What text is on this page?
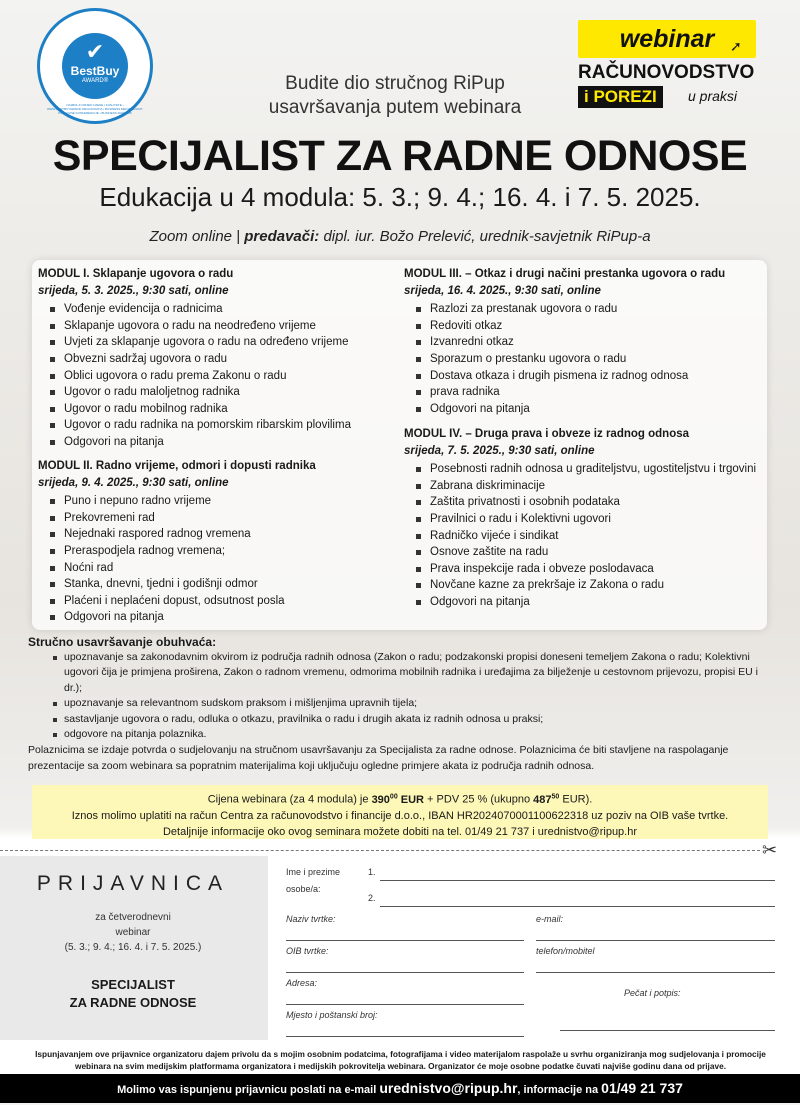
✔
BestBuy
AWARD®
NAJBOLJI OMJER CIJENE I KVALITETE • WWW.BESTBUYAWARD.ORG/CROATIA • BUSINESS MEDIA GROUP: POSLOVNE KONFERENCIJE • BUSINESS 2024/2025
Budite dio stručnog RiPup
usavršavanja putem webinara
webinar
RAČUNOVODSTVO
i POREZI	u praksi
➚
SPECIJALIST ZA RADNE ODNOSE
Edukacija u 4 modula: 5. 3.; 9. 4.; 16. 4. i 7. 5. 2025.
Zoom online | predavači: dipl. iur. Božo Prelević, urednik-savjetnik RiPup-a
MODUL I. Sklapanje ugovora o radu
srijeda, 5. 3. 2025., 9:30 sati, online
Vođenje evidencija o radnicima
Sklapanje ugovora o radu na neodređeno vrijeme
Uvjeti za sklapanje ugovora o radu na određeno vrijeme
Obvezni sadržaj ugovora o radu
Oblici ugovora o radu prema Zakonu o radu
Ugovor o radu maloljetnog radnika
Ugovor o radu mobilnog radnika
Ugovor o radu radnika na pomorskim ribarskim plovilima
Odgovori na pitanja
MODUL II. Radno vrijeme, odmori i dopusti radnika
srijeda, 9. 4. 2025., 9:30 sati, online
Puno i nepuno radno vrijeme
Prekovremeni rad
Nejednaki raspored radnog vremena
Preraspodjela radnog vremena;
Noćni rad
Stanka, dnevni, tjedni i godišnji odmor
Plaćeni i neplaćeni dopust, odsutnost posla
Odgovori na pitanja
MODUL III. – Otkaz i drugi načini prestanka ugovora o radu
srijeda, 16. 4. 2025., 9:30 sati, online
Razlozi za prestanak ugovora o radu
Redoviti otkaz
Izvanredni otkaz
Sporazum o prestanku ugovora o radu
Dostava otkaza i drugih pismena iz radnog odnosa
prava radnika
Odgovori na pitanja
MODUL IV. – Druga prava i obveze iz radnog odnosa
srijeda, 7. 5. 2025., 9:30 sati, online
Posebnosti radnih odnosa u graditeljstvu, ugostiteljstvu i trgovini
Zabrana diskriminacije
Zaštita privatnosti i osobnih podataka
Pravilnici o radu i Kolektivni ugovori
Radničko vijeće i sindikat
Osnove zaštite na radu
Prava inspekcije rada i obveze poslodavaca
Novčane kazne za prekršaje iz Zakona o radu
Odgovori na pitanja
Stručno usavršavanje obuhvaća:
upoznavanje sa zakonodavnim okvirom iz područja radnih odnosa (Zakon o radu; podzakonski propisi doneseni temeljem Zakona o radu; Kolektivni ugovori čija je primjena proširena, Zakon o radnom vremenu, odmorima mobilnih radnika i uređajima za bilježenje u cestovnom prijevozu, propisi EU i dr.);
upoznavanje sa relevantnom sudskom praksom i mišljenjima upravnih tijela;
sastavljanje ugovora o radu, odluka o otkazu, pravilnika o radu i drugih akata iz radnih odnosa u praksi;
odgovore na pitanja polaznika.
Polaznicima se izdaje potvrda o sudjelovanju na stručnom usavršavanju za Specijalista za radne odnose. Polaznicima će biti stavljene na raspolaganje prezentacije sa zoom webinara sa popratnim materijalima koji uključuju ogledne primjere akata iz područja radnih odnosa.
Cijena webinara (za 4 modula) je $390^{00}$ EUR + PDV 25 % (ukupno $487^{50}$ EUR).
Iznos molimo uplatiti na račun Centra za računovodstvo i financije d.o.o., IBAN HR2024070001100622318 uz poziv na OIB vaše tvrtke.
Detaljnije informacije oko ovog seminara možete dobiti na tel. 01/49 21 737 i urednistvo@ripup.hr
✂
PRIJAVNICA
za četverodnevni
webinar
(5. 3.; 9. 4.; 16. 4. i 7. 5. 2025.)
SPECIJALIST
ZA RADNE ODNOSE
Ime i prezime
osobe/a:
1.
2.
Naziv tvrtke:	e-mail:
OIB tvrtke:	telefon/mobitel
Adresa:
Pečat i potpis:
Mjesto i poštanski broj:
Ispunjavanjem ove prijavnice organizatoru dajem privolu da s mojim osobnim podatcima, fotografijama i video materijalom raspolaže u svrhu organiziranja mog sudjelovanja i promocije webinara na svim medijskim platformama organizatora i medijskih pokrovitelja webinara. Organizator će moje osobne podatke čuvati najviše godinu dana od prijave.
Molimo vas ispunjenu prijavnicu poslati na e-mail urednistvo@ripup.hr, informacije na 01/49 21 737
